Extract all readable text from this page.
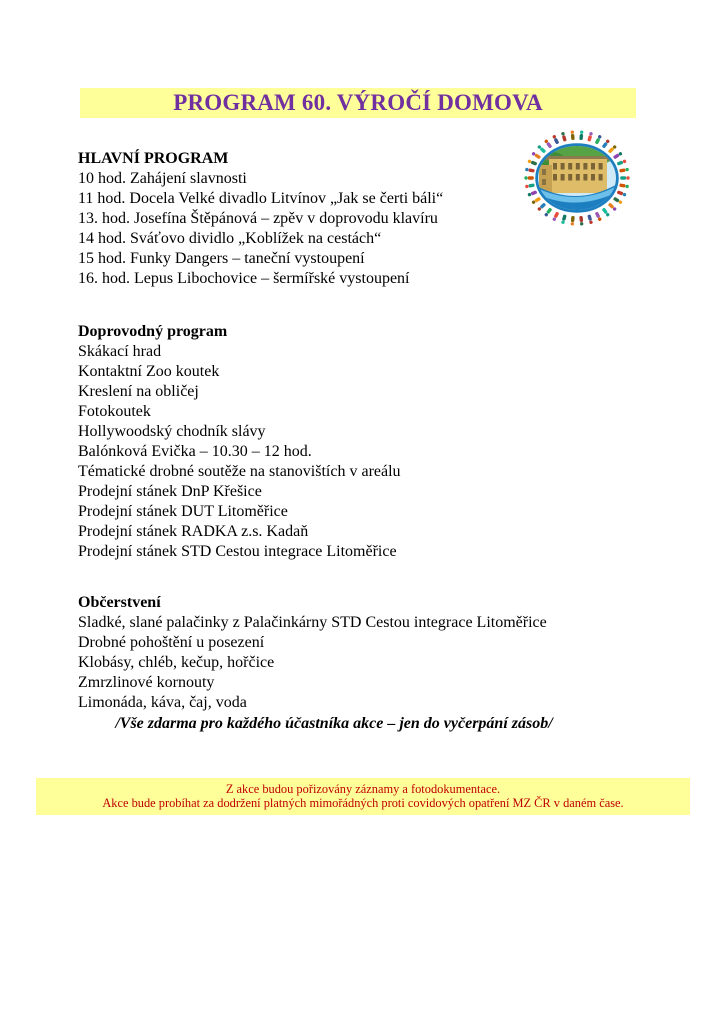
PROGRAM 60. VÝROČÍ DOMOVA
HLAVNÍ PROGRAM
10 hod. Zahájení slavnosti
11 hod. Docela Velké divadlo Litvínov „Jak se čerti báli“
13. hod. Josefína Štěpánová – zpěv v doprovodu klavíru
14 hod. Sváťovo dividlo „Koblížek na cestách“
15 hod. Funky Dangers – taneční vystoupení
16. hod. Lepus Libochovice – šermířské vystoupení
Doprovodný program
Skákací hrad
Kontaktní Zoo koutek
Kreslení na obličej
Fotokoutek
Hollywoodský chodník slávy
Balónková Evička – 10.30 – 12 hod.
Tématické drobné soutěže na stanovištích v areálu
Prodejní stánek DnP Křešice
Prodejní stánek DUT Litoměřice
Prodejní stánek RADKA z.s. Kadaň
Prodejní stánek STD Cestou integrace Litoměřice
Občerstvení
Sladké, slané palačinky z Palačinkárny STD Cestou integrace Litoměřice
Drobné pohoštění u posezení
Klobásy, chléb, kečup, hořčice
Zmrzlinové kornouty
Limonáda, káva, čaj, voda
/Vše zdarma pro každého účastníka akce – jen do vyčerpání zásob/
Z akce budou pořizovány záznamy a fotodokumentace.
Akce bude probíhat za dodržení platných mimořádných proti covidových opatření MZ ČR v daném čase.
